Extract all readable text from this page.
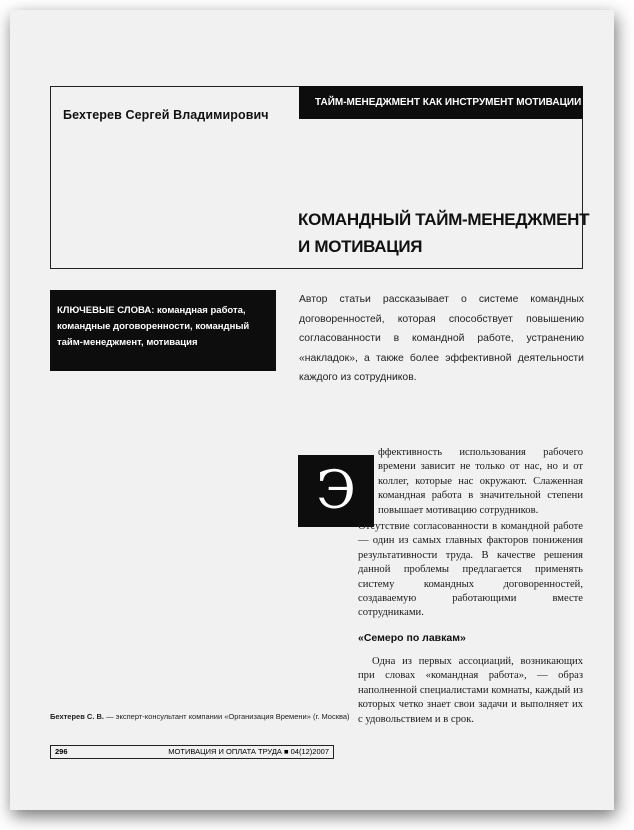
Бехтерев Сергей Владимирович
ТАЙМ-МЕНЕДЖМЕНТ КАК ИНСТРУМЕНТ МОТИВАЦИИ
КОМАНДНЫЙ ТАЙМ-МЕНЕДЖМЕНТ
И МОТИВАЦИЯ
КЛЮЧЕВЫЕ СЛОВА: командная работа, командные договоренности, командный тайм-менеджмент, мотивация
Автор статьи рассказывает о системе командных договоренностей, которая способствует повышению согласованности в командной работе, устранению «накладок», а также более эффективной деятельности каждого из сотрудников.
Э
ффективность использования рабочего времени зависит не только от нас, но и от коллег, которые нас окружают. Слаженная командная работа в значительной степени повышает мотивацию сотрудников.
Отсутствие согласованности в командной работе — один из самых главных факторов понижения результативности труда. В качестве решения данной проблемы предлагается применять систему командных договоренностей, создаваемую работающими вместе сотрудниками.
«Семеро по лавкам»
Одна из первых ассоциаций, возникающих при словах «командная работа», — образ наполненной специалистами комнаты, каждый из которых четко знает свои задачи и выполняет их с удовольствием и в срок.
Бехтерев С. В. — эксперт-консультант компании «Организация Времени» (г. Москва)
296	МОТИВАЦИЯ И ОПЛАТА ТРУДА ■ 04(12)2007
